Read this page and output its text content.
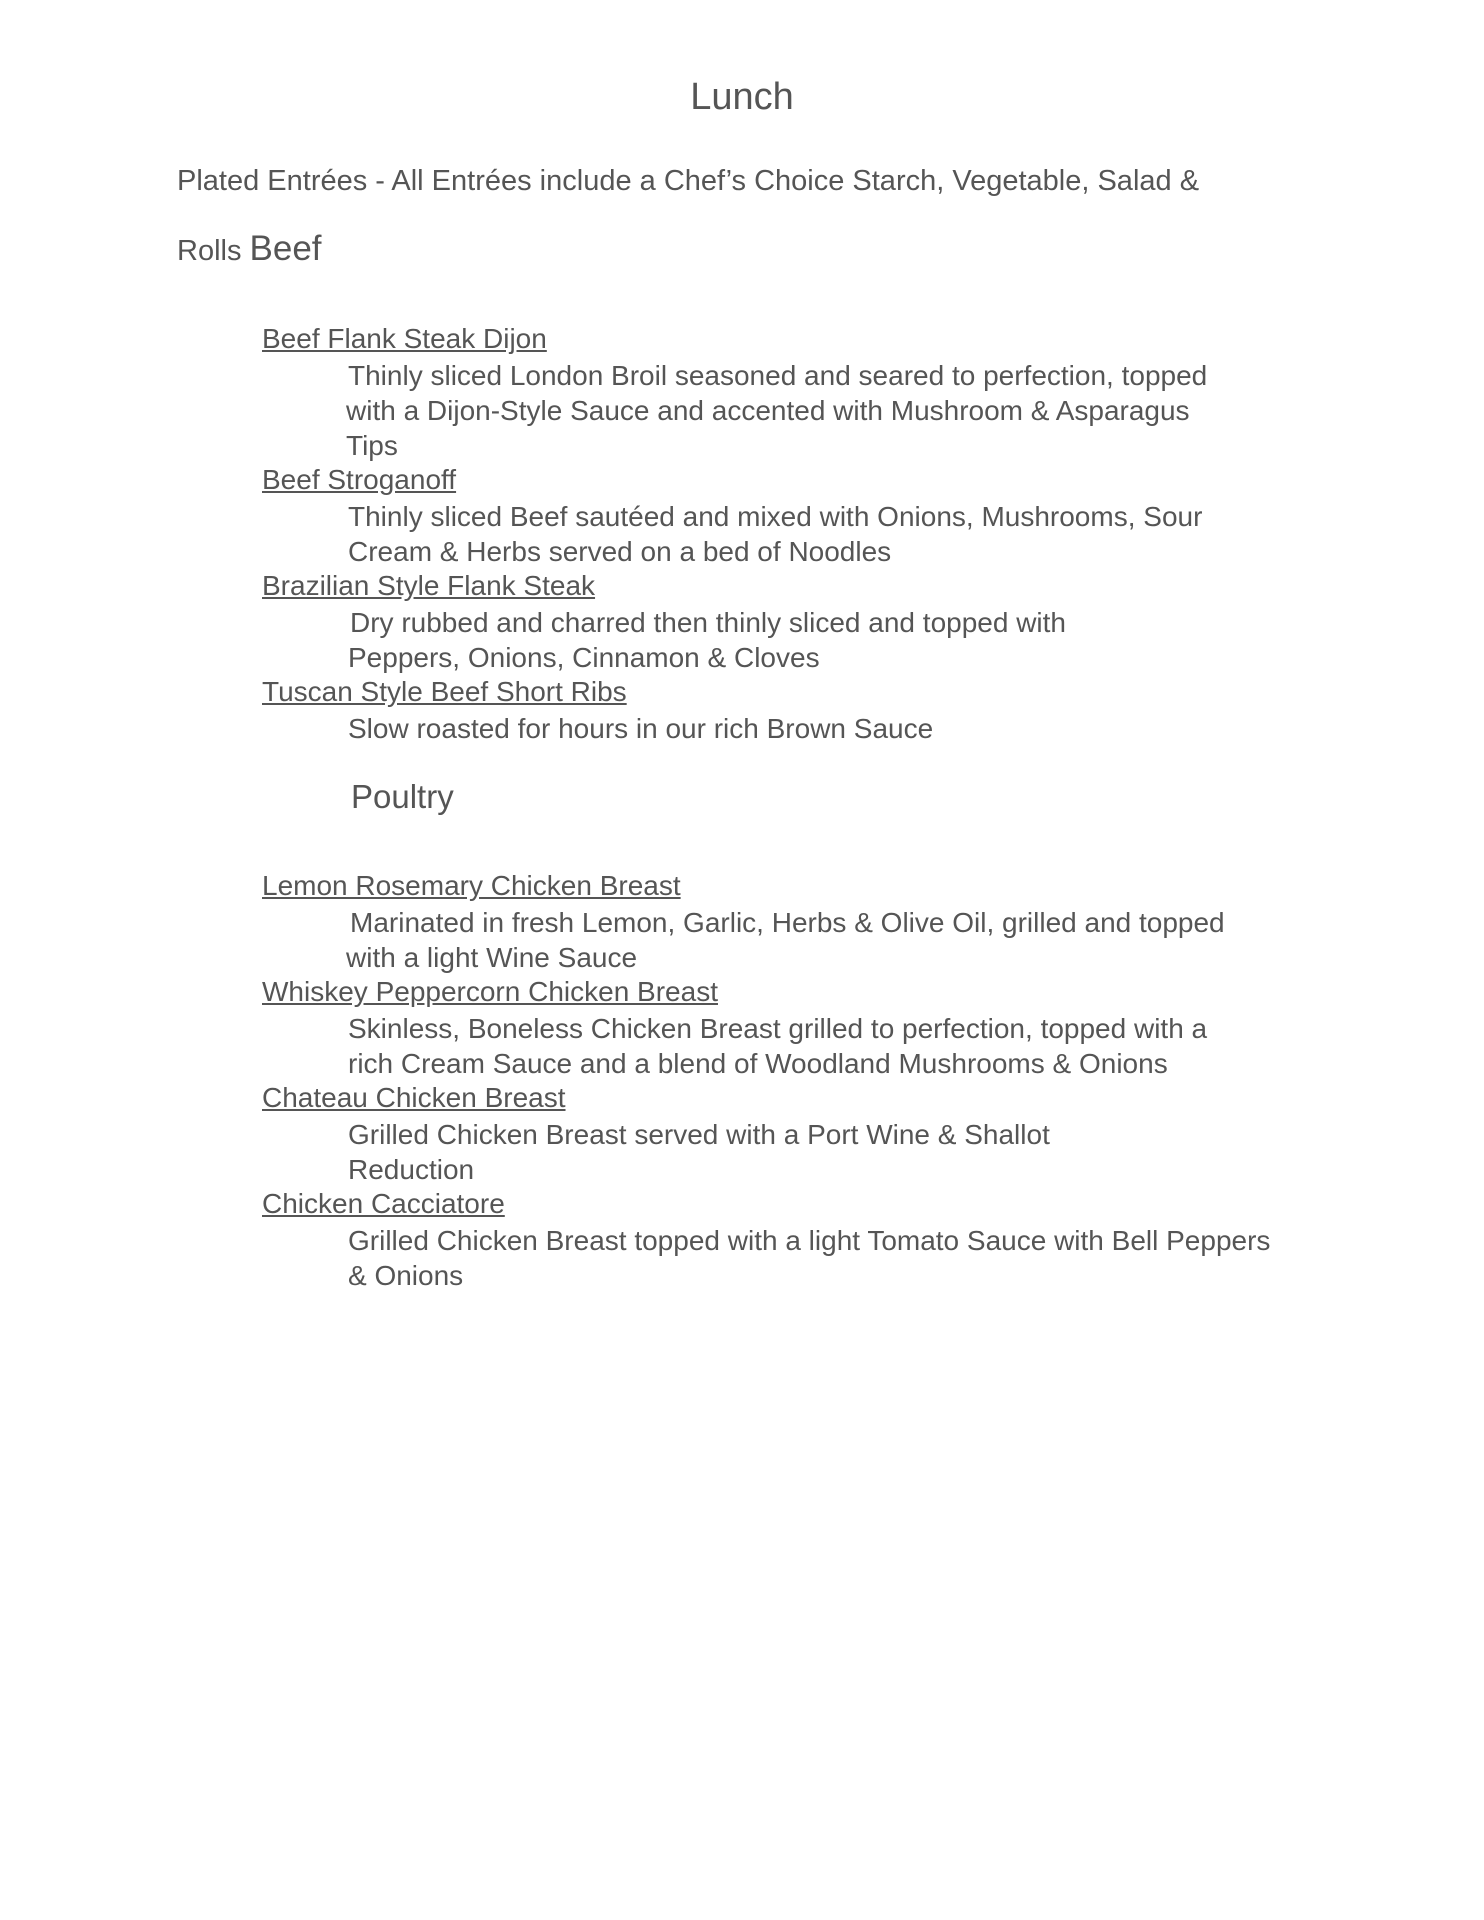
Lunch
Plated Entrées - All Entrées include a Chef’s Choice Starch, Vegetable, Salad &
Rolls Beef
Beef Flank Steak Dijon
Thinly sliced London Broil seasoned and seared to perfection, topped
with a Dijon-Style Sauce and accented with Mushroom & Asparagus
Tips
Beef Stroganoff
Thinly sliced Beef sautéed and mixed with Onions, Mushrooms, Sour
Cream & Herbs served on a bed of Noodles
Brazilian Style Flank Steak
Dry rubbed and charred then thinly sliced and topped with
Peppers, Onions, Cinnamon & Cloves
Tuscan Style Beef Short Ribs
Slow roasted for hours in our rich Brown Sauce
Poultry
Lemon Rosemary Chicken Breast
Marinated in fresh Lemon, Garlic, Herbs & Olive Oil, grilled and topped
with a light Wine Sauce
Whiskey Peppercorn Chicken Breast
Skinless, Boneless Chicken Breast grilled to perfection, topped with a
rich Cream Sauce and a blend of Woodland Mushrooms & Onions
Chateau Chicken Breast
Grilled Chicken Breast served with a Port Wine & Shallot
Reduction
Chicken Cacciatore
Grilled Chicken Breast topped with a light Tomato Sauce with Bell Peppers
& Onions
